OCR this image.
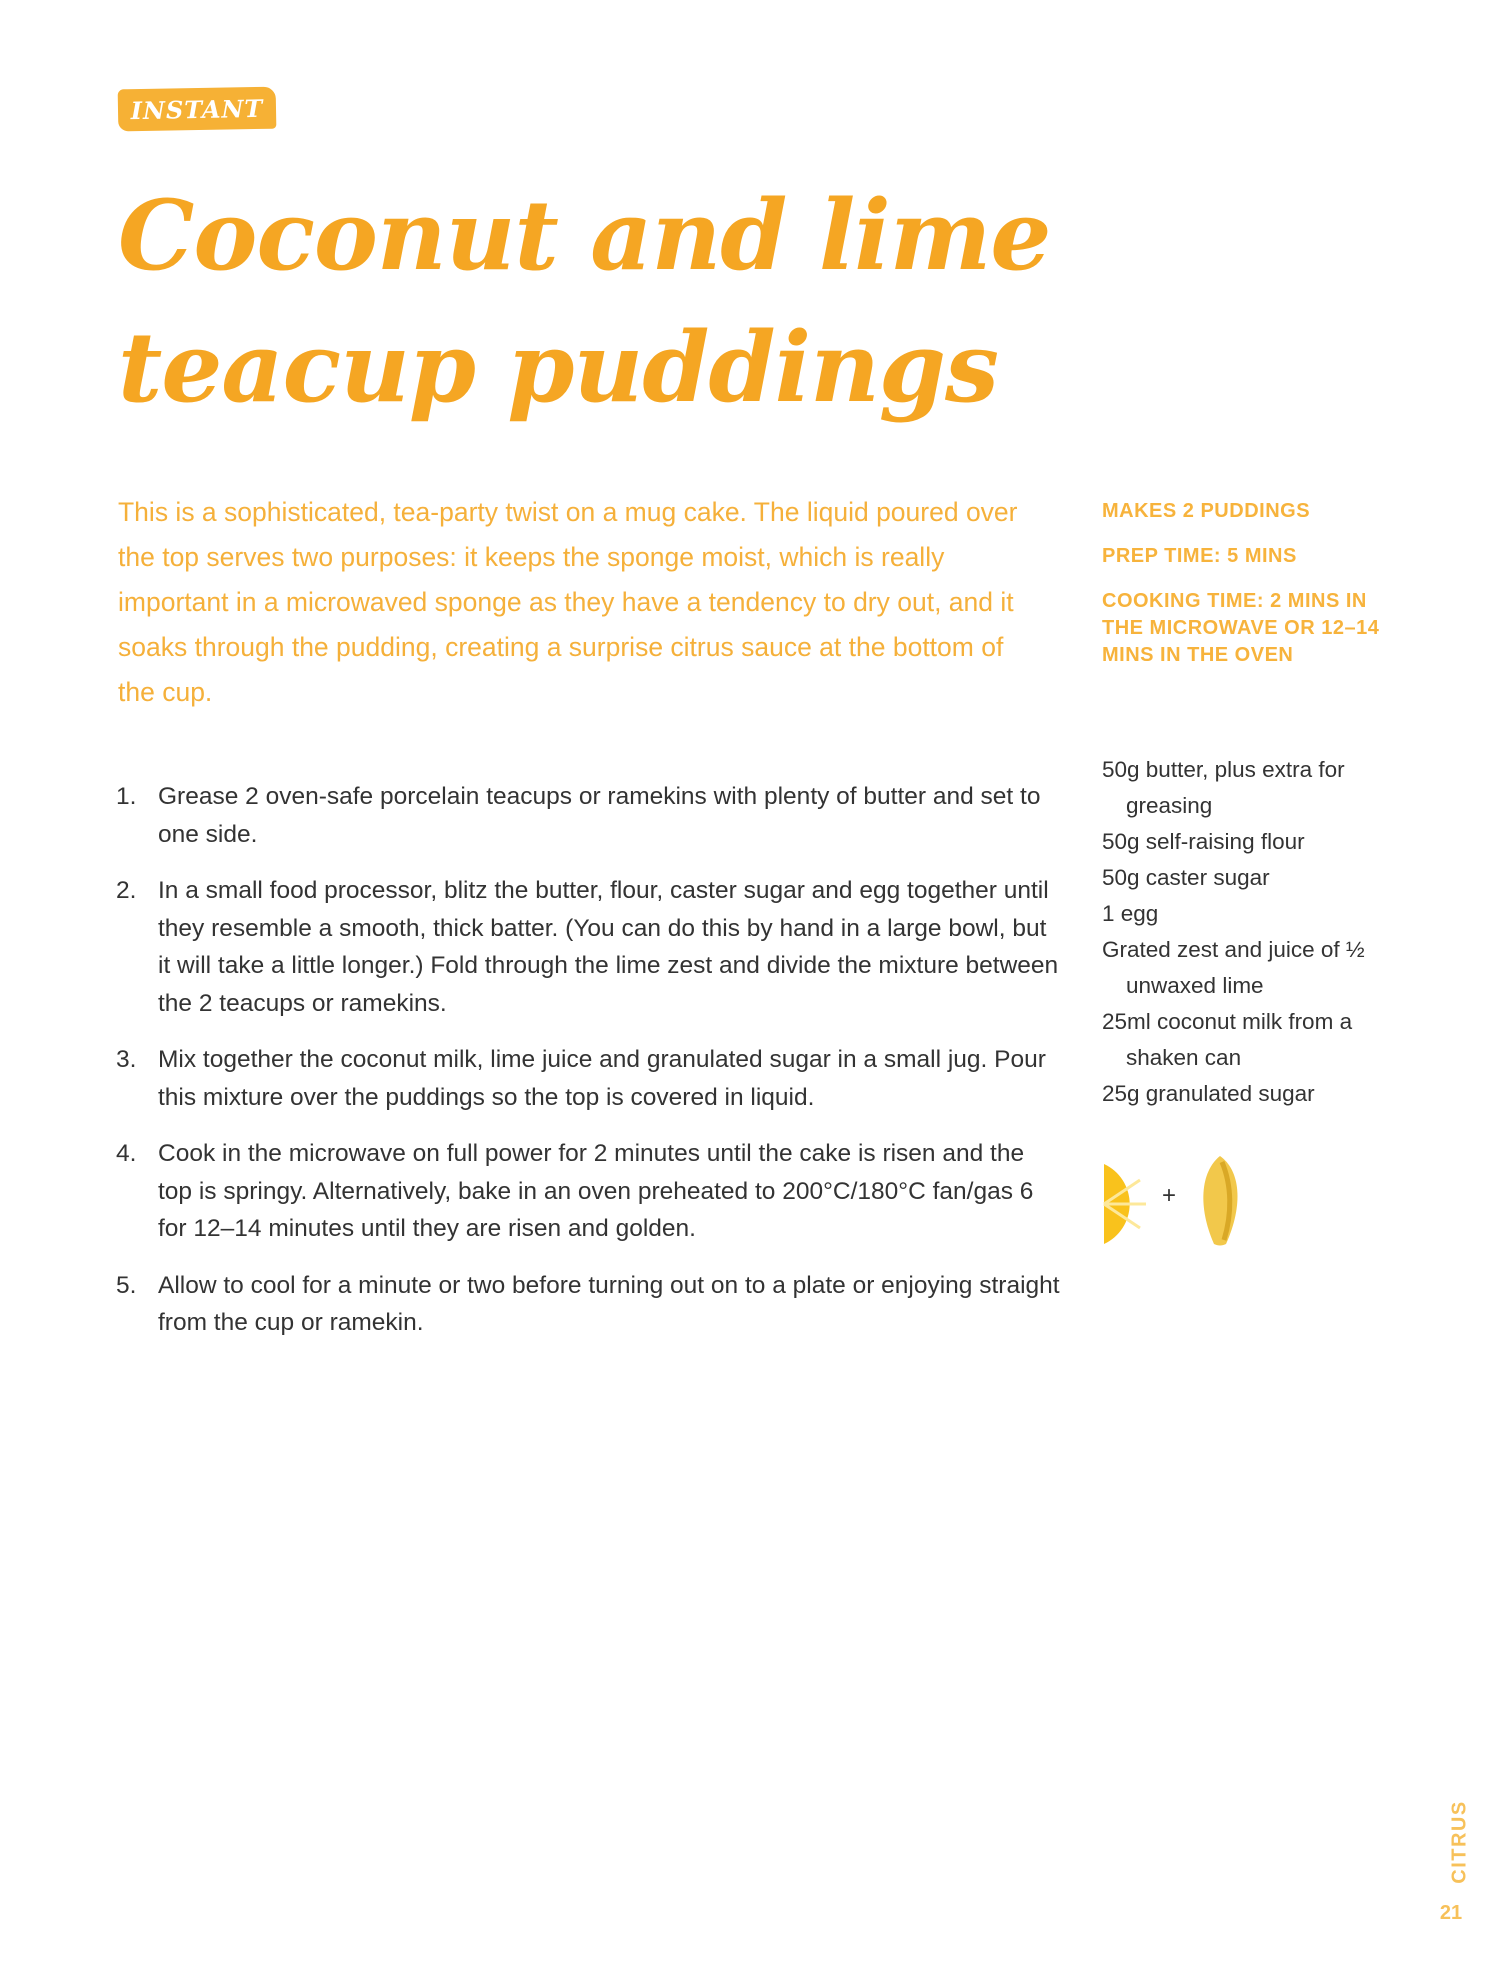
INSTANT
Coconut and lime
teacup puddings
This is a sophisticated, tea-party twist on a mug cake. The liquid poured over the top serves two purposes: it keeps the sponge moist, which is really important in a microwaved sponge as they have a tendency to dry out, and it soaks through the pudding, creating a surprise citrus sauce at the bottom of the cup.
MAKES 2 PUDDINGS
PREP TIME: 5 MINS
COOKING TIME: 2 MINS IN THE MICROWAVE OR 12–14 MINS IN THE OVEN
1. Grease 2 oven-safe porcelain teacups or ramekins with plenty of butter and set to one side.
2. In a small food processor, blitz the butter, flour, caster sugar and egg together until they resemble a smooth, thick batter. (You can do this by hand in a large bowl, but it will take a little longer.) Fold through the lime zest and divide the mixture between the 2 teacups or ramekins.
3. Mix together the coconut milk, lime juice and granulated sugar in a small jug. Pour this mixture over the puddings so the top is covered in liquid.
4. Cook in the microwave on full power for 2 minutes until the cake is risen and the top is springy. Alternatively, bake in an oven preheated to 200°C/180°C fan/gas 6 for 12–14 minutes until they are risen and golden.
5. Allow to cool for a minute or two before turning out on to a plate or enjoying straight from the cup or ramekin.
50g butter, plus extra for greasing
50g self-raising flour
50g caster sugar
1 egg
Grated zest and juice of ½ unwaxed lime
25ml coconut milk from a shaken can
25g granulated sugar
+
CITRUS
21
